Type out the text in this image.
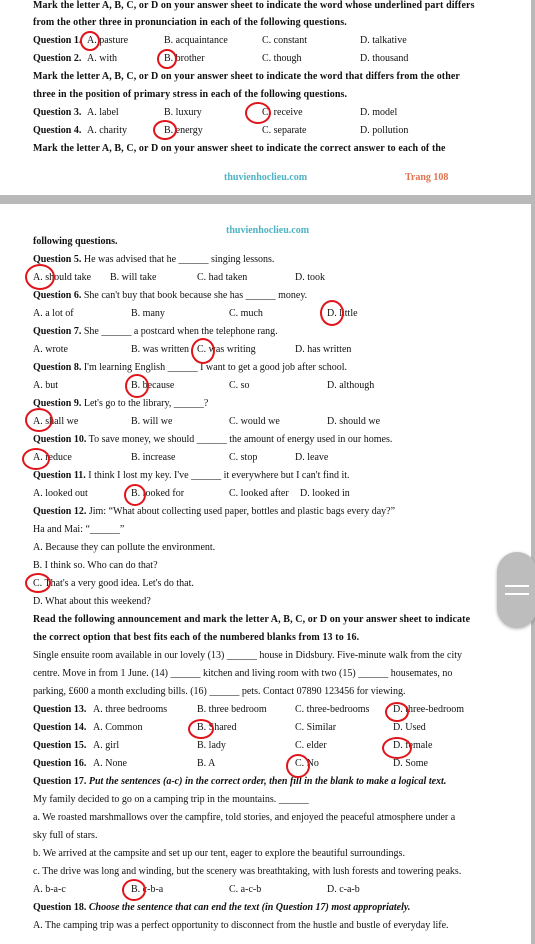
Mark the letter A, B, C, or D on your answer sheet to indicate the word whose underlined part differs
from the other three in pronunciation in each of the following questions.
Question 1. A. pasture	B. acquaintance	C. constant	D. talkative
Question 2. A. with	B. brother	C. though	D. thousand
Mark the letter A, B, C, or D on your answer sheet to indicate the word that differs from the other
three in the position of primary stress in each of the following questions.
Question 3. A. label	B. luxury	C. receive	D. model
Question 4. A. charity	B. energy	C. separate	D. pollution
Mark the letter A, B, C, or D on your answer sheet to indicate the correct answer to each of the
thuvienhoclieu.com	Trang 108
thuvienhoclieu.com
following questions.
Question 5. He was advised that he ______ singing lessons.
A. should take B. will take	C. had taken	D. took
Question 6. She can't buy that book because she has ______ money.
A. a lot of	B. many	C. much	D. little
Question 7. She ______ a postcard when the telephone rang.
A. wrote	B. was written C. was writing	D. has written
Question 8. I'm learning English ______ I want to get a good job after school.
A. but	B. because	C. so	D. although
Question 9. Let's go to the library, ______?
A. shall we	B. will we	C. would we	D. should we
Question 10. To save money, we should ______ the amount of energy used in our homes.
A. reduce	B. increase	C. stop	D. leave
Question 11. I think I lost my key. I've ______ it everywhere but I can't find it.
A. looked out	B. looked for	C. looked after D. looked in
Question 12. Jim: “What about collecting used paper, bottles and plastic bags every day?”
Ha and Mai: “______”
A. Because they can pollute the environment.
B. I think so. Who can do that?
C. That's a very good idea. Let's do that.
D. What about this weekend?
Read the following announcement and mark the letter A, B, C, or D on your answer sheet to indicate
the correct option that best fits each of the numbered blanks from 13 to 16.
Single ensuite room available in our lovely (13) ______ house in Didsbury. Five-minute walk from the city
centre. Move in from 1 June. (14) ______ kitchen and living room with two (15) ______ housemates, no
parking, £600 a month excluding bills. (16) ______ pets. Contact 07890 123456 for viewing.
Question 13. A. three bedrooms	B. three bedroom	C. three-bedrooms D. three-bedroom
Question 14. A. Common	B. Shared	C. Similar	D. Used
Question 15. A. girl	B. lady	C. elder	D. female
Question 16. A. None	B. A	C. No	D. Some
Question 17. Put the sentences (a-c) in the correct order, then fill in the blank to make a logical text.
My family decided to go on a camping trip in the mountains. ______
a. We roasted marshmallows over the campfire, told stories, and enjoyed the peaceful atmosphere under a
sky full of stars.
b. We arrived at the campsite and set up our tent, eager to explore the beautiful surroundings.
c. The drive was long and winding, but the scenery was breathtaking, with lush forests and towering peaks.
A. b-a-c	B. c-b-a	C. a-c-b	D. c-a-b
Question 18. Choose the sentence that can end the text (in Question 17) most appropriately.
A. The camping trip was a perfect opportunity to disconnect from the hustle and bustle of everyday life.
